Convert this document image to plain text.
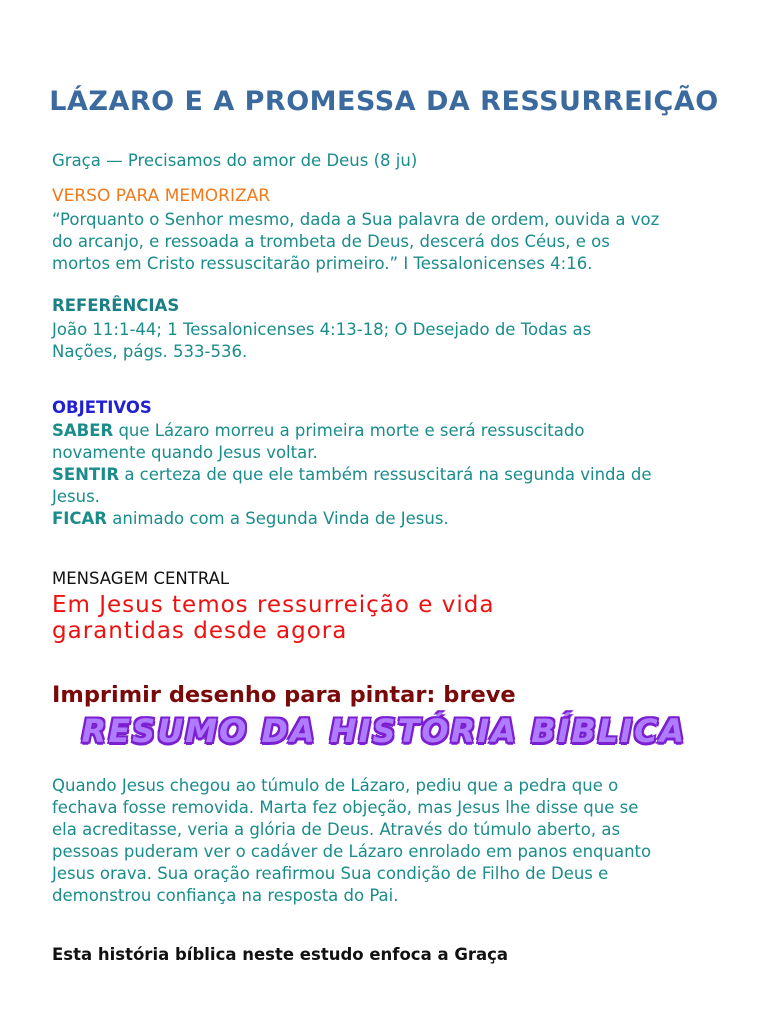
LÁZARO E A PROMESSA DA RESSURREIÇÃO

Graça — Precisamos do amor de Deus (8 ju)

VERSO PARA MEMORIZAR

“Porquanto o Senhor mesmo, dada a Sua palavra de ordem, ouvida a voz
do arcanjo, e ressoada a trombeta de Deus, descerá dos Céus, e os
mortos em Cristo ressuscitarão primeiro.” I Tessalonicenses 4:16.

REFERÊNCIAS

João 11:1-44; 1 Tessalonicenses 4:13-18; O Desejado de Todas as
Nações, págs. 533-536.

OBJETIVOS

SABER que Lázaro morreu a primeira morte e será ressuscitado
novamente quando Jesus voltar.
SENTIR a certeza de que ele também ressuscitará na segunda vinda de
Jesus.
FICAR animado com a Segunda Vinda de Jesus.

MENSAGEM CENTRAL

Em Jesus temos ressurreição e vida
garantidas desde agora

Imprimir desenho para pintar: breve

RESUMO DA HISTÓRIA BÍBLICA

Quando Jesus chegou ao túmulo de Lázaro, pediu que a pedra que o
fechava fosse removida. Marta fez objeção, mas Jesus lhe disse que se
ela acreditasse, veria a glória de Deus. Através do túmulo aberto, as
pessoas puderam ver o cadáver de Lázaro enrolado em panos enquanto
Jesus orava. Sua oração reafirmou Sua condição de Filho de Deus e
demonstrou confiança na resposta do Pai.

Esta história bíblica neste estudo enfoca a Graça
